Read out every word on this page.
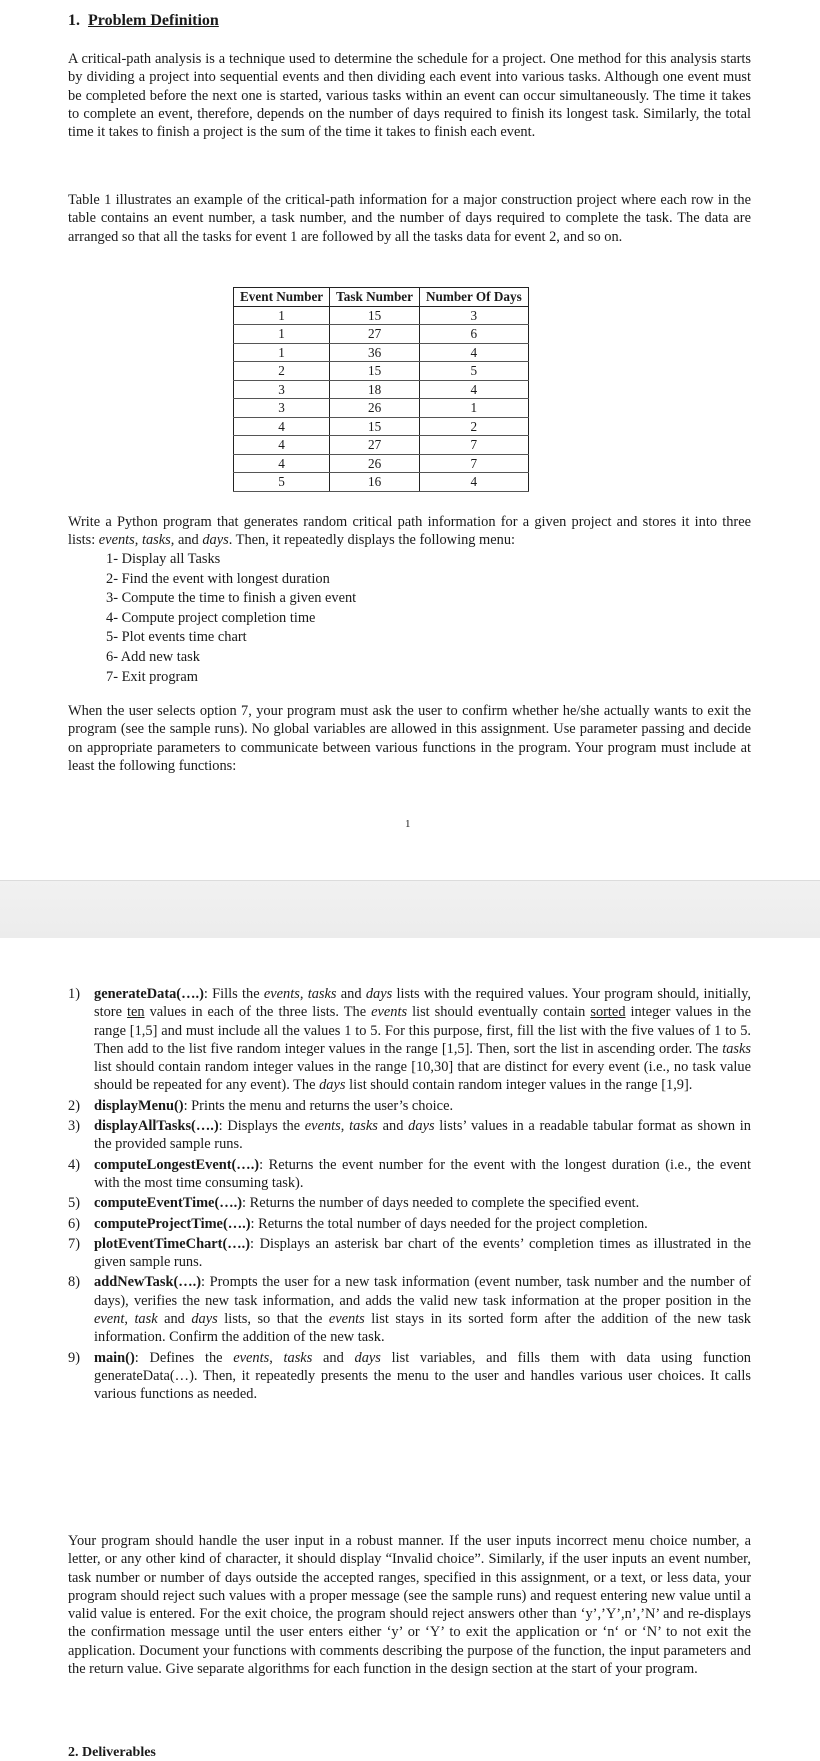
1. Problem Definition
A critical-path analysis is a technique used to determine the schedule for a project. One method for this analysis starts by dividing a project into sequential events and then dividing each event into various tasks. Although one event must be completed before the next one is started, various tasks within an event can occur simultaneously. The time it takes to complete an event, therefore, depends on the number of days required to finish its longest task. Similarly, the total time it takes to finish a project is the sum of the time it takes to finish each event.
Table 1 illustrates an example of the critical-path information for a major construction project where each row in the table contains an event number, a task number, and the number of days required to complete the task. The data are arranged so that all the tasks for event 1 are followed by all the tasks data for event 2, and so on.
Event Number	Task Number	Number Of Days
1	15	3
1	27	6
1	36	4
2	15	5
3	18	4
3	26	1
4	15	2
4	27	7
4	26	7
5	16	4
Write a Python program that generates random critical path information for a given project and stores it into three lists: events, tasks, and days. Then, it repeatedly displays the following menu:
1- Display all Tasks
2- Find the event with longest duration
3- Compute the time to finish a given event
4- Compute project completion time
5- Plot events time chart
6- Add new task
7- Exit program
When the user selects option 7, your program must ask the user to confirm whether he/she actually wants to exit the program (see the sample runs). No global variables are allowed in this assignment. Use parameter passing and decide on appropriate parameters to communicate between various functions in the program. Your program must include at least the following functions:
1
1) generateData(….): Fills the events, tasks and days lists with the required values. Your program should, initially, store ten values in each of the three lists. The events list should eventually contain sorted integer values in the range [1,5] and must include all the values 1 to 5. For this purpose, first, fill the list with the five values of 1 to 5. Then add to the list five random integer values in the range [1,5]. Then, sort the list in ascending order. The tasks list should contain random integer values in the range [10,30] that are distinct for every event (i.e., no task value should be repeated for any event). The days list should contain random integer values in the range [1,9].
2) displayMenu(): Prints the menu and returns the user’s choice.
3) displayAllTasks(….): Displays the events, tasks and days lists’ values in a readable tabular format as shown in the provided sample runs.
4) computeLongestEvent(….): Returns the event number for the event with the longest duration (i.e., the event with the most time consuming task).
5) computeEventTime(….): Returns the number of days needed to complete the specified event.
6) computeProjectTime(….): Returns the total number of days needed for the project completion.
7) plotEventTimeChart(….): Displays an asterisk bar chart of the events’ completion times as illustrated in the given sample runs.
8) addNewTask(….): Prompts the user for a new task information (event number, task number and the number of days), verifies the new task information, and adds the valid new task information at the proper position in the event, task and days lists, so that the events list stays in its sorted form after the addition of the new task information. Confirm the addition of the new task.
9) main(): Defines the events, tasks and days list variables, and fills them with data using function generateData(…). Then, it repeatedly presents the menu to the user and handles various user choices. It calls various functions as needed.
Your program should handle the user input in a robust manner. If the user inputs incorrect menu choice number, a letter, or any other kind of character, it should display “Invalid choice”. Similarly, if the user inputs an event number, task number or number of days outside the accepted ranges, specified in this assignment, or a text, or less data, your program should reject such values with a proper message (see the sample runs) and request entering new value until a valid value is entered. For the exit choice, the program should reject answers other than ‘y’,’Y’,n’,’N’ and re-displays the confirmation message until the user enters either ‘y’ or ‘Y’ to exit the application or ‘n‘ or ‘N’ to not exit the application. Document your functions with comments describing the purpose of the function, the input parameters and the return value. Give separate algorithms for each function in the design section at the start of your program.
2. Deliverables
